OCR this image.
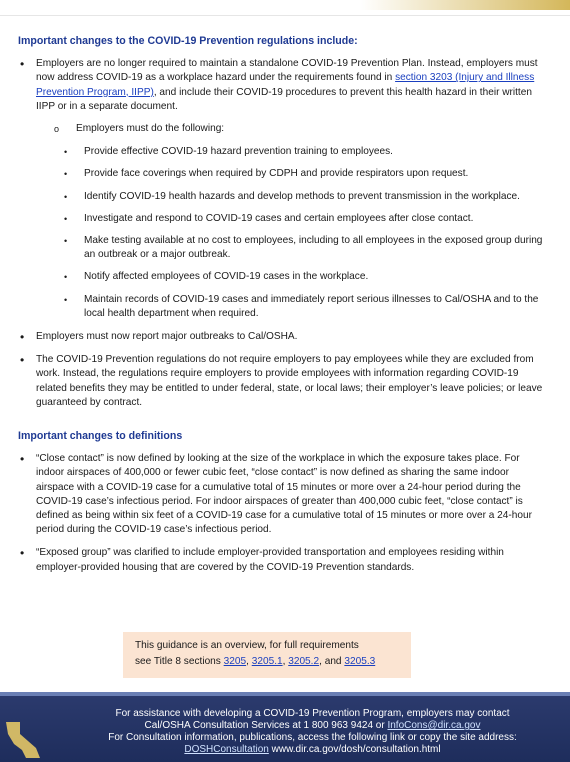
Important changes to the COVID-19 Prevention regulations include:
• Employers are no longer required to maintain a standalone COVID-19 Prevention Plan. Instead, employers must now address COVID-19 as a workplace hazard under the requirements found in section 3203 (Injury and Illness Prevention Program, IIPP), and include their COVID-19 procedures to prevent this health hazard in their written IIPP or in a separate document.
o Employers must do the following:
• Provide effective COVID-19 hazard prevention training to employees.
• Provide face coverings when required by CDPH and provide respirators upon request.
• Identify COVID-19 health hazards and develop methods to prevent transmission in the workplace.
• Investigate and respond to COVID-19 cases and certain employees after close contact.
• Make testing available at no cost to employees, including to all employees in the exposed group during an outbreak or a major outbreak.
• Notify affected employees of COVID-19 cases in the workplace.
• Maintain records of COVID-19 cases and immediately report serious illnesses to Cal/OSHA and to the local health department when required.
• Employers must now report major outbreaks to Cal/OSHA.
• The COVID-19 Prevention regulations do not require employers to pay employees while they are excluded from work. Instead, the regulations require employers to provide employees with information regarding COVID-19 related benefits they may be entitled to under federal, state, or local laws; their employer’s leave policies; or leave guaranteed by contract.
Important changes to definitions
• “Close contact” is now defined by looking at the size of the workplace in which the exposure takes place. For indoor airspaces of 400,000 or fewer cubic feet, “close contact” is now defined as sharing the same indoor airspace with a COVID-19 case for a cumulative total of 15 minutes or more over a 24-hour period during the COVID-19 case’s infectious period. For indoor airspaces of greater than 400,000 cubic feet, “close contact” is defined as being within six feet of a COVID-19 case for a cumulative total of 15 minutes or more over a 24-hour period during the COVID-19 case’s infectious period.
• “Exposed group” was clarified to include employer-provided transportation and employees residing within employer-provided housing that are covered by the COVID-19 Prevention standards.
This guidance is an overview, for full requirements
see Title 8 sections 3205, 3205.1, 3205.2, and 3205.3
For assistance with developing a COVID-19 Prevention Program, employers may contact
Cal/OSHA Consultation Services at 1 800 963 9424 or InfoCons@dir.ca.gov
For Consultation information, publications, access the following link or copy the site address:
DOSHConsultation www.dir.ca.gov/dosh/consultation.html
